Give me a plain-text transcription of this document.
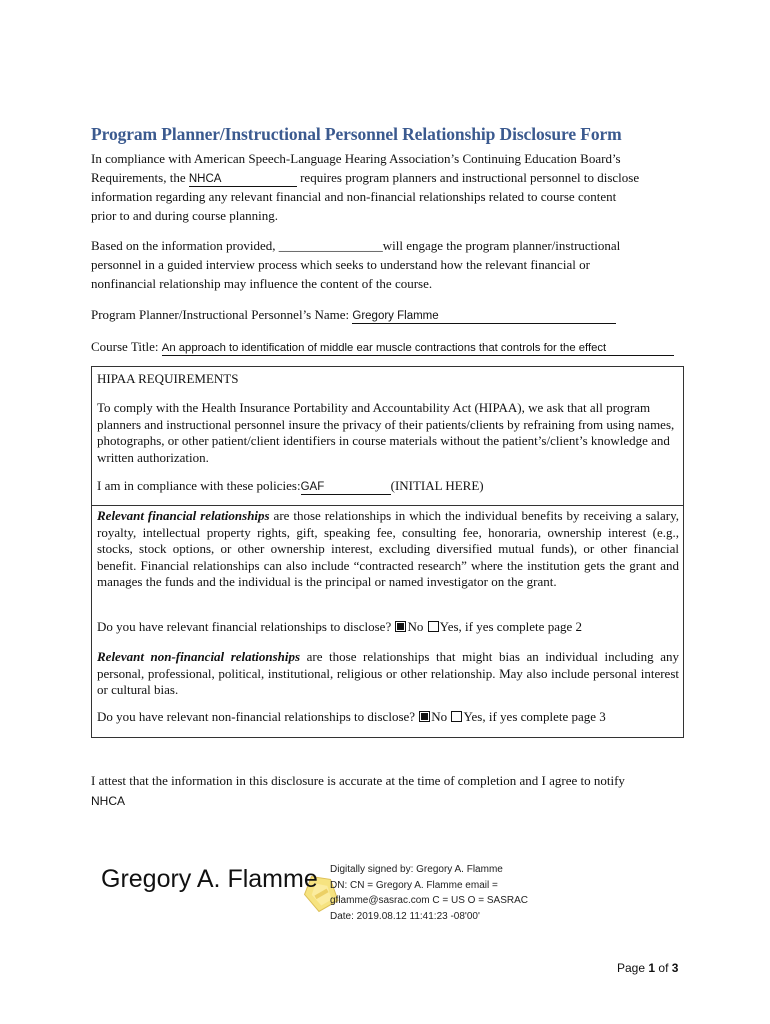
Program Planner/Instructional Personnel Relationship Disclosure Form
In compliance with American Speech-Language Hearing Association’s Continuing Education Board’s
Requirements, the NHCA	requires program planners and instructional personnel to disclose
information regarding any relevant financial and non-financial relationships related to course content
prior to and during course planning.
Based on the information provided, ________________will engage the program planner/instructional
personnel in a guided interview process which seeks to understand how the relevant financial or
nonfinancial relationship may influence the content of the course.
Program Planner/Instructional Personnel’s Name: Gregory Flamme
Course Title: An approach to identification of middle ear muscle contractions that controls for the effect
HIPAA REQUIREMENTS
To comply with the Health Insurance Portability and Accountability Act (HIPAA), we ask that all program planners and instructional personnel insure the privacy of their patients/clients by refraining from using names, photographs, or other patient/client identifiers in course materials without the patient’s/client’s knowledge and written authorization.
I am in compliance with these policies:GAF	(INITIAL HERE)
Relevant financial relationships are those relationships in which the individual benefits by receiving a salary, royalty, intellectual property rights, gift, speaking fee, consulting fee, honoraria, ownership interest (e.g., stocks, stock options, or other ownership interest, excluding diversified mutual funds), or other financial benefit. Financial relationships can also include “contracted research” where the institution gets the grant and manages the funds and the individual is the principal or named investigator on the grant.
Do you have relevant financial relationships to disclose? No Yes, if yes complete page 2
Relevant non-financial relationships are those relationships that might bias an individual including any personal, professional, political, institutional, religious or other relationship. May also include personal interest or cultural bias.
Do you have relevant non-financial relationships to disclose? No Yes, if yes complete page 3
I attest that the information in this disclosure is accurate at the time of completion and I agree to notify
NHCA
Gregory A. Flamme Digitally signed by: Gregory A. Flamme
DN: CN = Gregory A. Flamme email =
gflamme@sasrac.com C = US O = SASRAC
Date: 2019.08.12 11:41:23 -08'00'
Page 1 of 3
